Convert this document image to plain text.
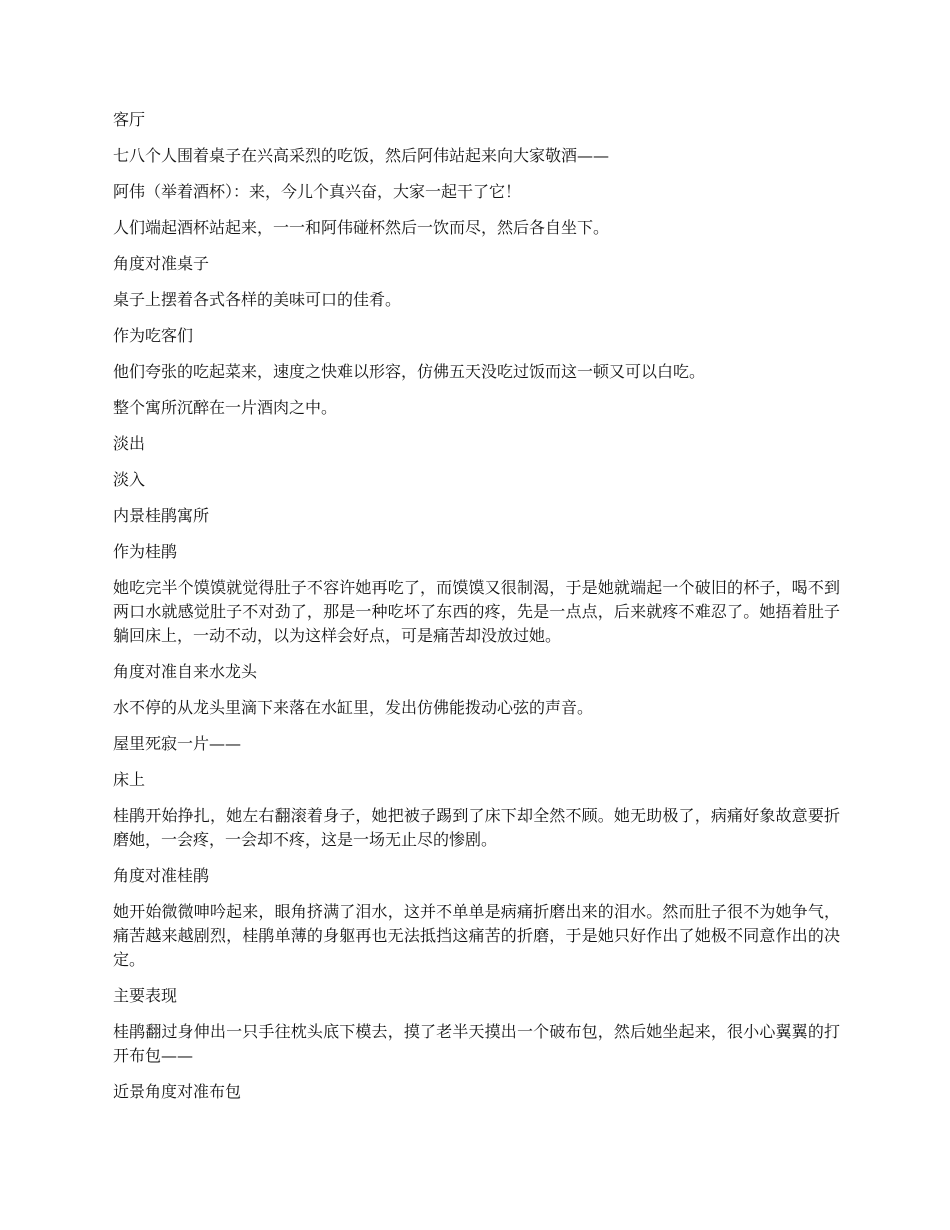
客厅

七八个人围着桌子在兴高采烈的吃饭，然后阿伟站起来向大家敬酒——

阿伟（举着酒杯）：来，今儿个真兴奋，大家一起干了它！

人们端起酒杯站起来，一一和阿伟碰杯然后一饮而尽，然后各自坐下。

角度对准桌子

桌子上摆着各式各样的美味可口的佳肴。

作为吃客们

他们夸张的吃起菜来，速度之快难以形容，仿佛五天没吃过饭而这一顿又可以白吃。

整个寓所沉醉在一片酒肉之中。

淡出

淡入

内景桂鹃寓所

作为桂鹃

她吃完半个馍馍就觉得肚子不容许她再吃了，而馍馍又很制渴，于是她就端起一个破旧的杯子，喝不到两口水就感觉肚子不对劲了，那是一种吃坏了东西的疼，先是一点点，后来就疼不难忍了。她捂着肚子躺回床上，一动不动，以为这样会好点，可是痛苦却没放过她。

角度对准自来水龙头

水不停的从龙头里滴下来落在水缸里，发出仿佛能拨动心弦的声音。

屋里死寂一片——

床上

桂鹃开始挣扎，她左右翻滚着身子，她把被子踢到了床下却全然不顾。她无助极了，病痛好象故意要折磨她，一会疼，一会却不疼，这是一场无止尽的惨剧。

角度对准桂鹃

她开始微微呻吟起来，眼角挤满了泪水，这并不单单是病痛折磨出来的泪水。然而肚子很不为她争气，痛苦越来越剧烈，桂鹃单薄的身躯再也无法抵挡这痛苦的折磨，于是她只好作出了她极不同意作出的决定。

主要表现

桂鹃翻过身伸出一只手往枕头底下模去，摸了老半天摸出一个破布包，然后她坐起来，很小心翼翼的打开布包——

近景角度对准布包
